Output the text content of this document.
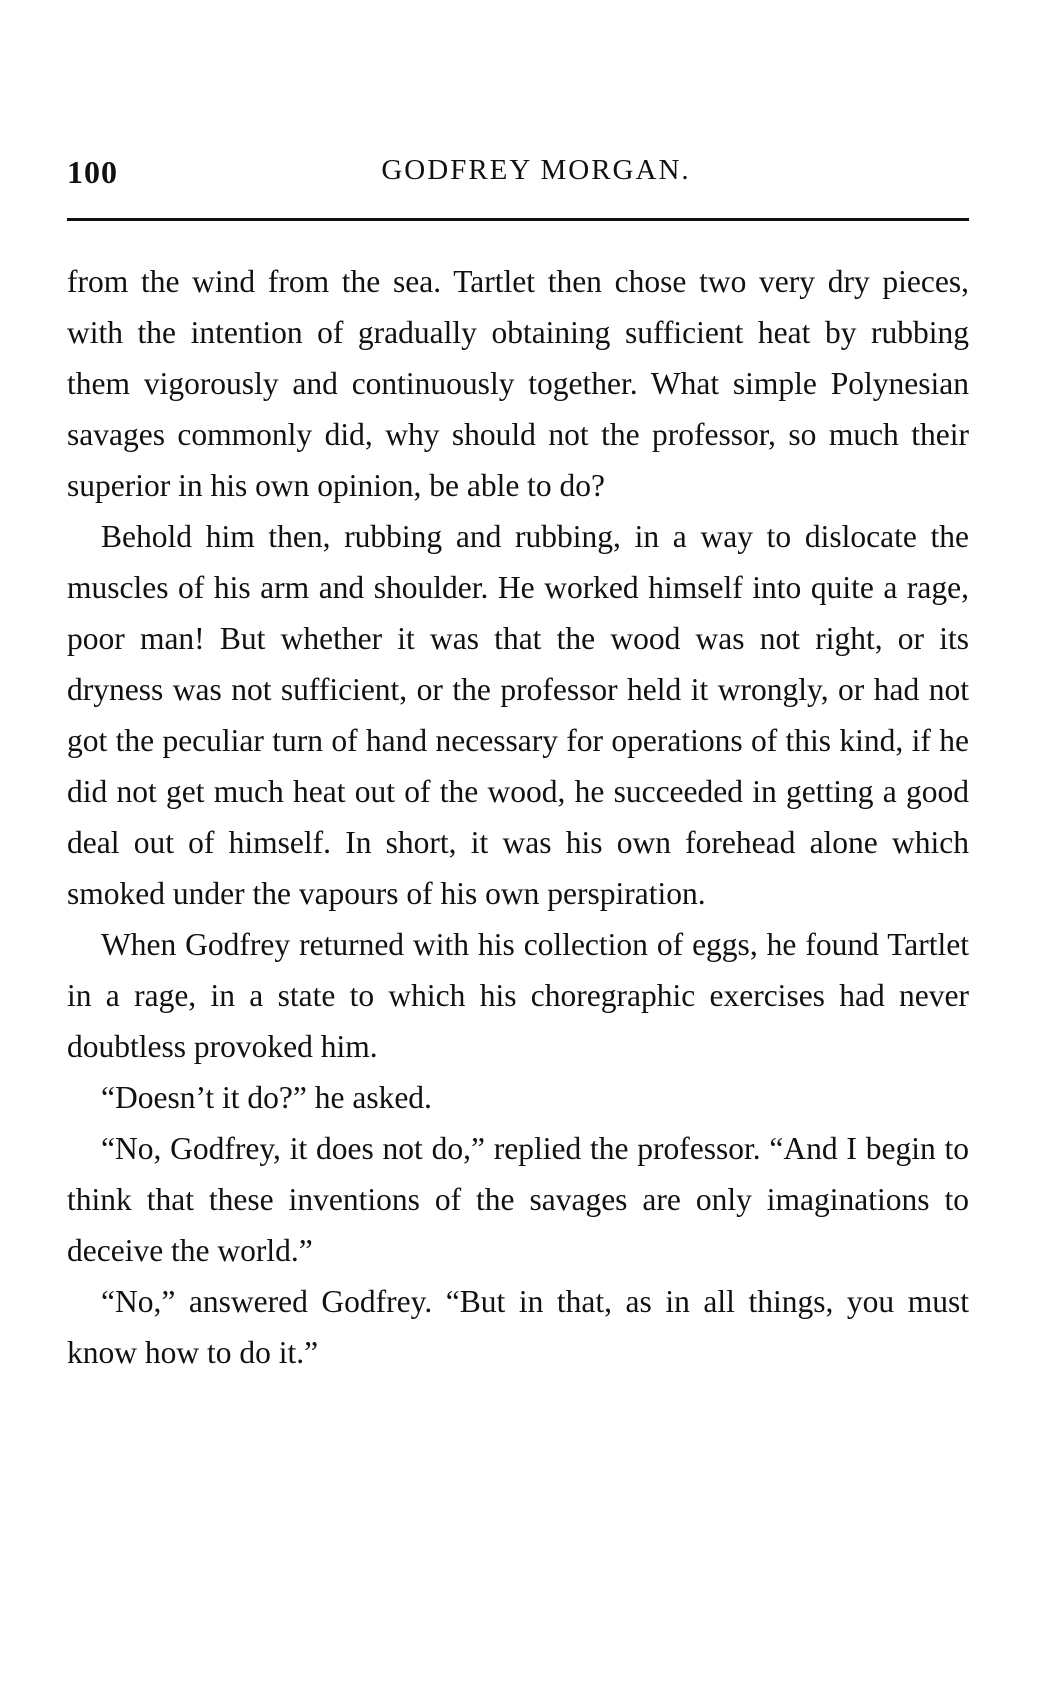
100	GODFREY MORGAN.

from the wind from the sea. Tartlet then chose two very dry pieces, with the intention of gradually obtaining sufficient heat by rubbing them vigorously and continuously together. What simple Polynesian savages commonly did, why should not the professor, so much their superior in his own opinion, be able to do?

Behold him then, rubbing and rubbing, in a way to dislocate the muscles of his arm and shoulder. He worked himself into quite a rage, poor man! But whether it was that the wood was not right, or its dryness was not sufficient, or the professor held it wrongly, or had not got the peculiar turn of hand necessary for operations of this kind, if he did not get much heat out of the wood, he succeeded in getting a good deal out of himself. In short, it was his own forehead alone which smoked under the vapours of his own perspiration.

When Godfrey returned with his collection of eggs, he found Tartlet in a rage, in a state to which his choregraphic exercises had never doubtless provoked him.

“Doesn’t it do?” he asked.

“No, Godfrey, it does not do,” replied the professor. “And I begin to think that these inventions of the savages are only imaginations to deceive the world.”

“No,” answered Godfrey. “But in that, as in all things, you must know how to do it.”
